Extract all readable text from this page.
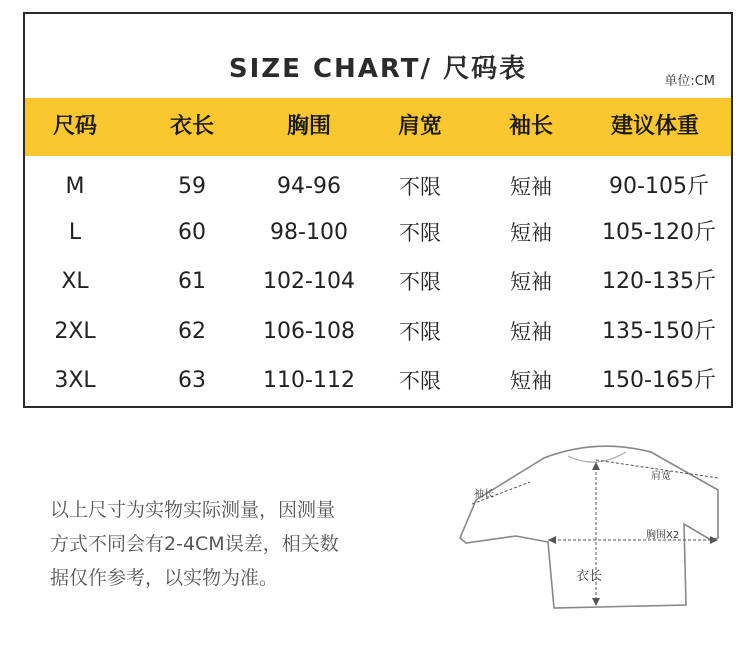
SIZE CHART/ 尺码表	单位:CM
尺码	衣长	胸围	肩宽	袖长	建议体重
M	59	94-96	不限	短袖	90-105斤
L	60	98-100 不限	短袖 105-120斤
XL	61	102-104 不限	短袖 120-135斤
2XL	62	106-108 不限	短袖 135-150斤
3XL	63	110-112 不限	短袖 150-165斤
以上尺寸为实物实际测量，因测量
方式不同会有2-4CM误差，相关数
据仅作参考，以实物为准。
肩宽
袖长
胸围X2
衣长
